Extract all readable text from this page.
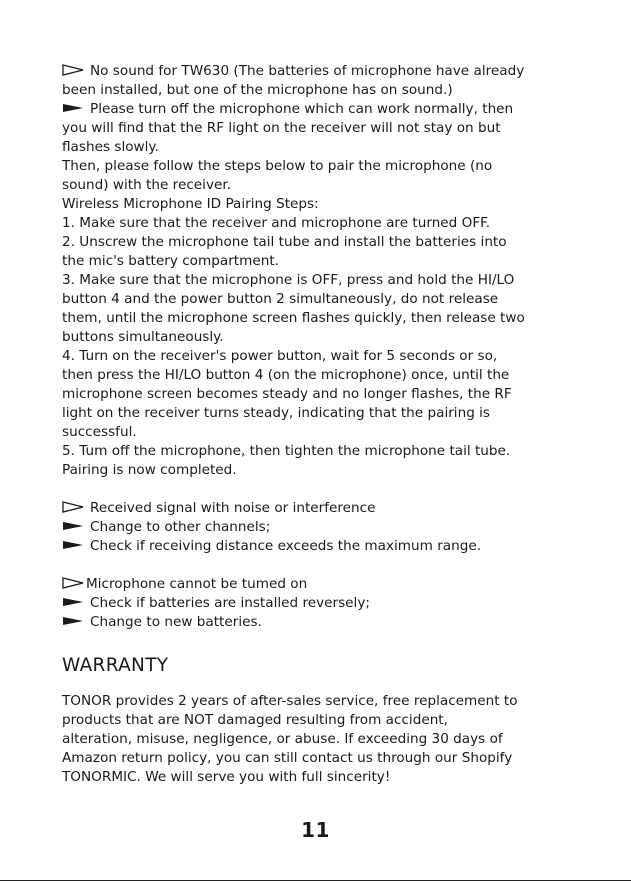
No sound for TW630 (The batteries of microphone have already

been installed, but one of the microphone has on sound.)

Please turn off the microphone which can work normally, then

you will find that the RF light on the receiver will not stay on but

flashes slowly.

Then, please follow the steps below to pair the microphone (no

sound) with the receiver.

Wireless Microphone ID Pairing Steps:

1. Make sure that the receiver and microphone are turned OFF.

2. Unscrew the microphone tail tube and install the batteries into

the mic's battery compartment.

3. Make sure that the microphone is OFF, press and hold the HI/LO

button 4 and the power button 2 simultaneously, do not release

them, until the microphone screen flashes quickly, then release two

buttons simultaneously.

4. Turn on the receiver's power button, wait for 5 seconds or so,

then press the HI/LO button 4 (on the microphone) once, until the

microphone screen becomes steady and no longer flashes, the RF

light on the receiver turns steady, indicating that the pairing is

successful.

5. Tum off the microphone, then tighten the microphone tail tube.

Pairing is now completed.

Received signal with noise or interference

Change to other channels;

Check if receiving distance exceeds the maximum range.

Microphone cannot be tumed on

Check if batteries are installed reversely;

Change to new batteries.

WARRANTY

TONOR provides 2 years of after-sales service, free replacement to

products that are NOT damaged resulting from accident,

alteration, misuse, negligence, or abuse. If exceeding 30 days of

Amazon return policy, you can still contact us through our Shopify

TONORMIC. We will serve you with full sincerity!

11
